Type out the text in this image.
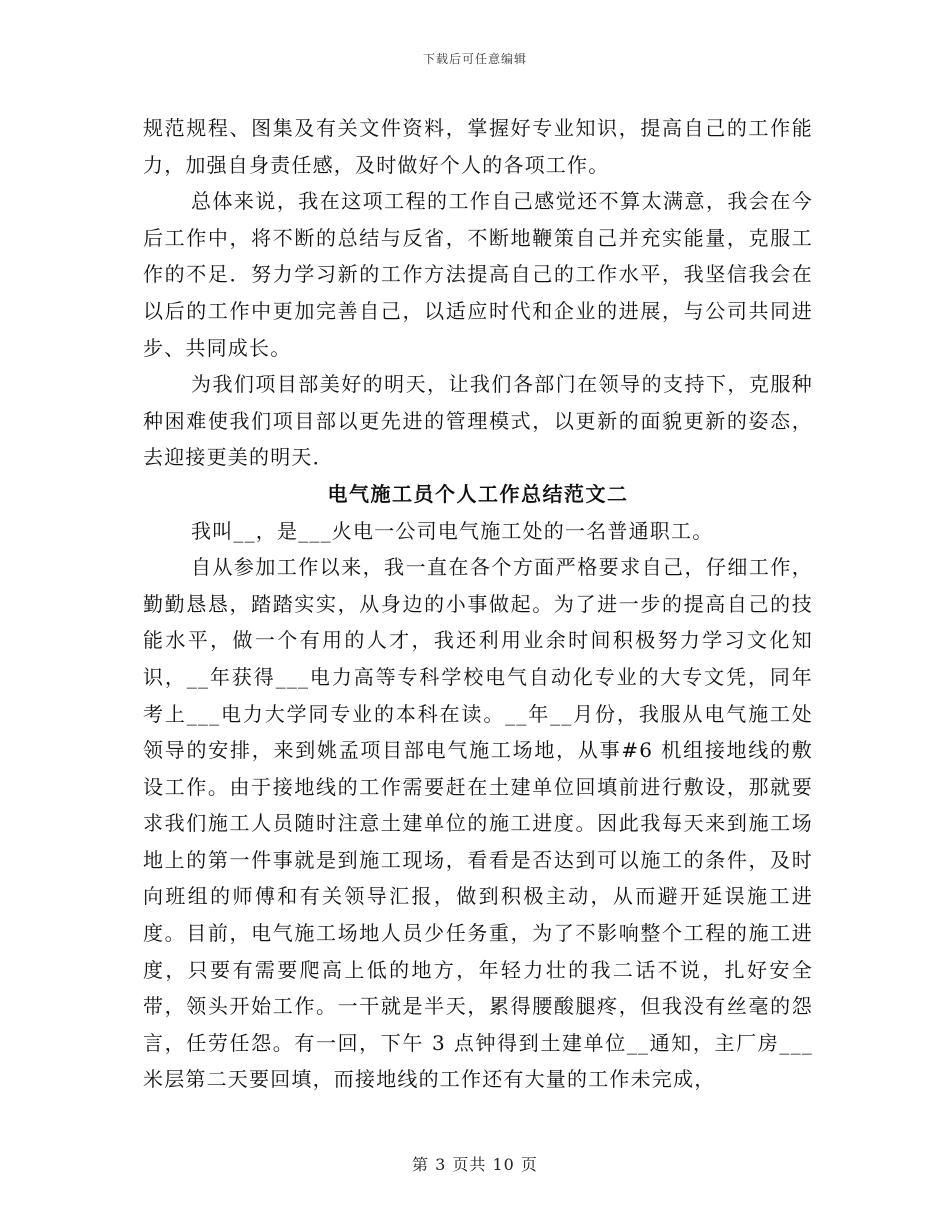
下载后可任意编辑

规范规程、图集及有关文件资料，掌握好专业知识，提高自己的工作能力，加强自身责任感，及时做好个人的各项工作。

总体来说，我在这项工程的工作自己感觉还不算太满意，我会在今后工作中，将不断的总结与反省，不断地鞭策自己并充实能量，克服工作的不足．努力学习新的工作方法提高自己的工作水平，我坚信我会在以后的工作中更加完善自己，以适应时代和企业的进展，与公司共同进步、共同成长。

为我们项目部美好的明天，让我们各部门在领导的支持下，克服种种困难使我们项目部以更先进的管理模式，以更新的面貌更新的姿态，去迎接更美的明天．

电气施工员个人工作总结范文二

我叫__，是___火电一公司电气施工处的一名普通职工。

自从参加工作以来，我一直在各个方面严格要求自己，仔细工作，勤勤恳恳，踏踏实实，从身边的小事做起。为了进一步的提高自己的技能水平，做一个有用的人才，我还利用业余时间积极努力学习文化知识，__年获得___电力高等专科学校电气自动化专业的大专文凭，同年考上___电力大学同专业的本科在读。__年__月份，我服从电气施工处领导的安排，来到姚孟项目部电气施工场地，从事#6 机组接地线的敷设工作。由于接地线的工作需要赶在土建单位回填前进行敷设，那就要求我们施工人员随时注意土建单位的施工进度。因此我每天来到施工场地上的第一件事就是到施工现场，看看是否达到可以施工的条件，及时向班组的师傅和有关领导汇报，做到积极主动，从而避开延误施工进度。目前，电气施工场地人员少任务重，为了不影响整个工程的施工进度，只要有需要爬高上低的地方，年轻力壮的我二话不说，扎好安全带，领头开始工作。一干就是半天，累得腰酸腿疼，但我没有丝毫的怨言，任劳任怨。有一回，下午 3 点钟得到土建单位__通知，主厂房___米层第二天要回填，而接地线的工作还有大量的工作未完成，

第 3 页共 10 页
